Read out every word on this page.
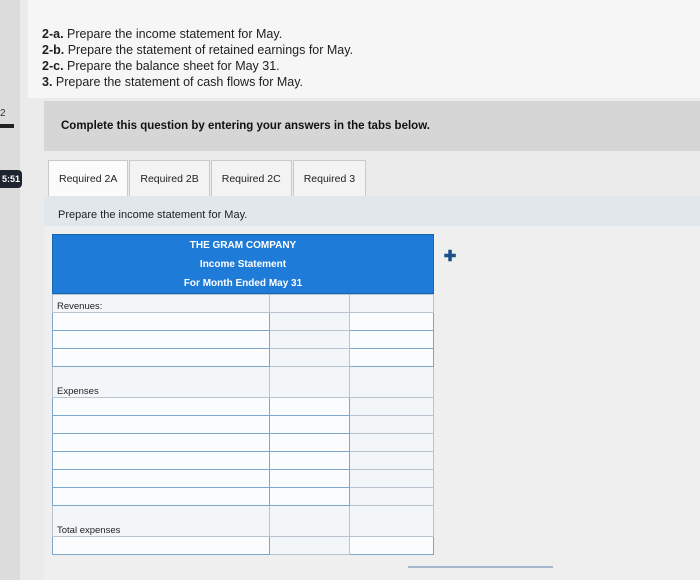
2
5:51
2-a. Prepare the income statement for May.
2-b. Prepare the statement of retained earnings for May.
2-c. Prepare the balance sheet for May 31.
3. Prepare the statement of cash flows for May.
Complete this question by entering your answers in the tabs below.
Required 2A	Required 2B	Required 2C	Required 3
Prepare the income statement for May.
THE GRAM COMPANY
Income Statement
For Month Ended May 31
Revenues:		

Expenses		

Total expenses		

✚
